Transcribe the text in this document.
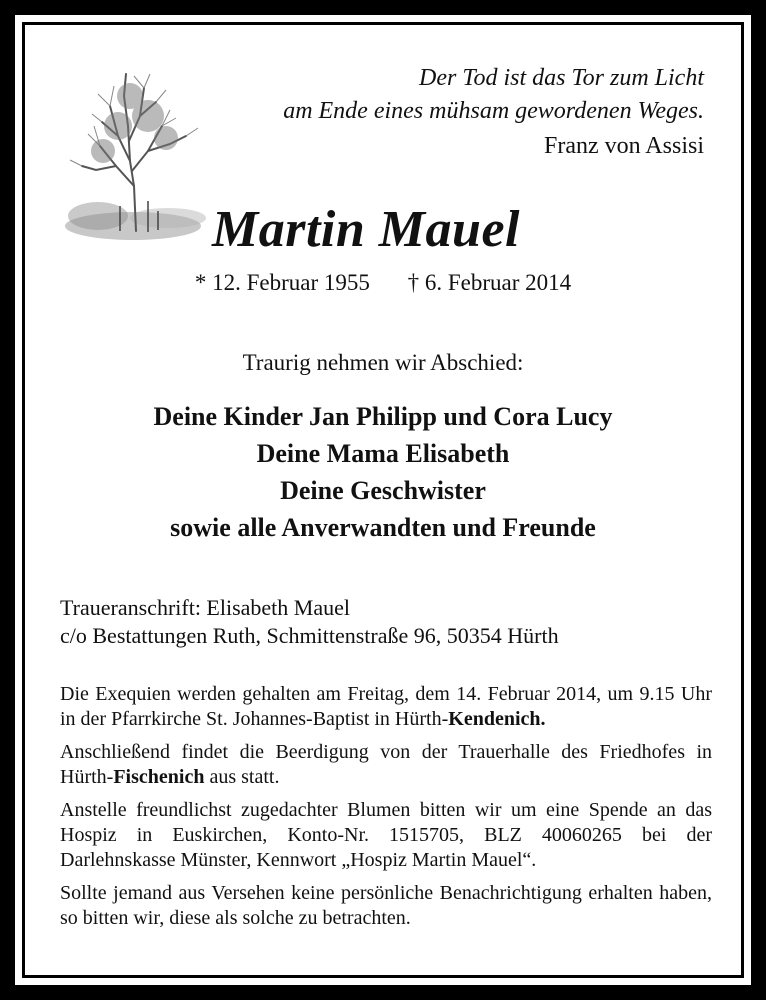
Der Tod ist das Tor zum Licht
am Ende eines mühsam gewordenen Weges.
Franz von Assisi
Martin Mauel
* 12. Februar 1955 † 6. Februar 2014
Traurig nehmen wir Abschied:
Deine Kinder Jan Philipp und Cora Lucy
Deine Mama Elisabeth
Deine Geschwister
sowie alle Anverwandten und Freunde
Traueranschrift: Elisabeth Mauel
c/o Bestattungen Ruth, Schmittenstraße 96, 50354 Hürth

Die Exequien werden gehalten am Freitag, dem 14. Februar 2014, um 9.15 Uhr in der Pfarrkirche St. Johannes-Baptist in Hürth-Kendenich.

Anschließend findet die Beerdigung von der Trauerhalle des Friedhofes in Hürth-Fischenich aus statt.

Anstelle freundlichst zugedachter Blumen bitten wir um eine Spende an das Hospiz in Euskirchen, Konto-Nr. 1515705, BLZ 40060265 bei der Darlehnskasse Münster, Kennwort „Hospiz Martin Mauel“.

Sollte jemand aus Versehen keine persönliche Benachrichtigung erhalten haben, so bitten wir, diese als solche zu betrachten.
